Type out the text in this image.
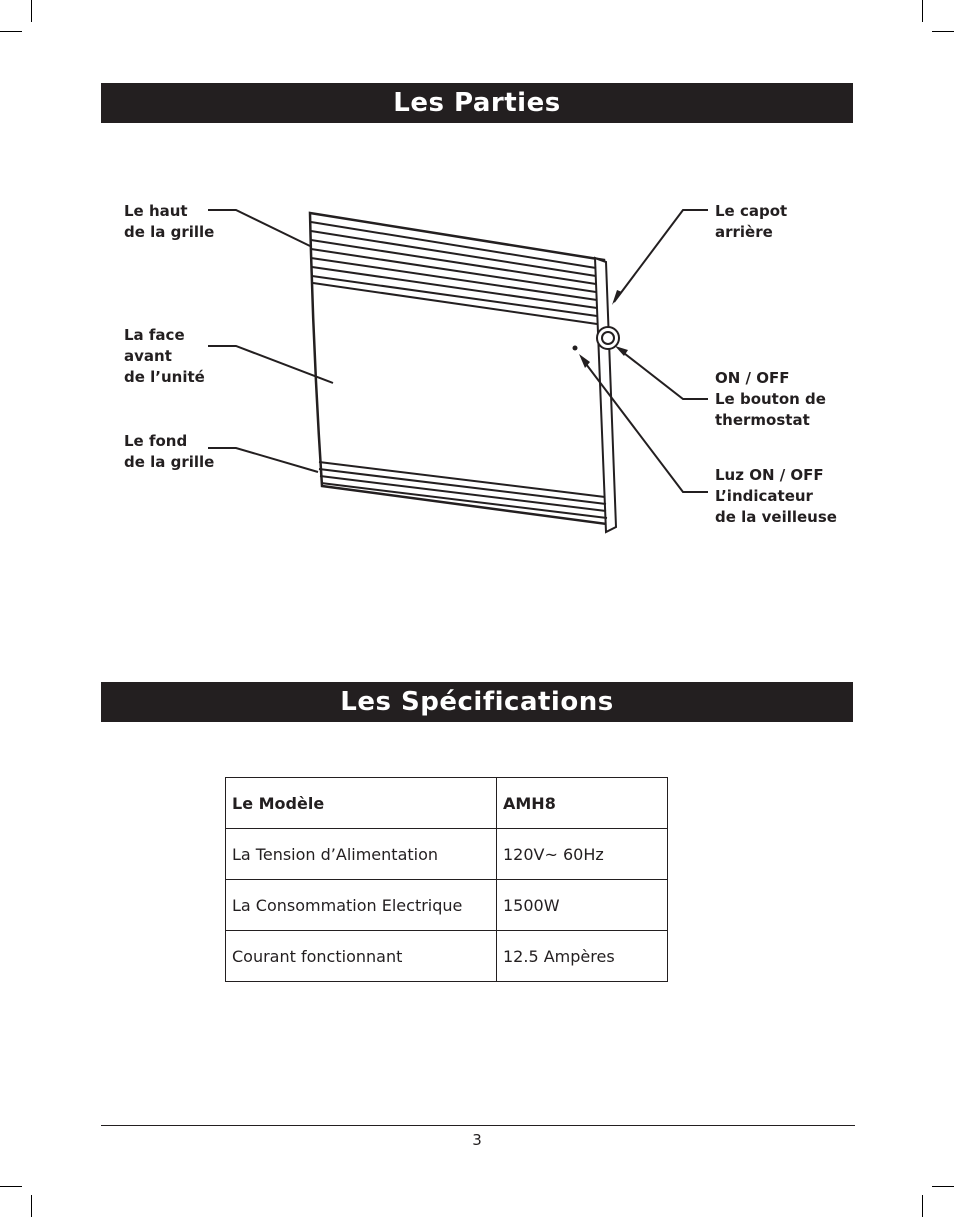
Les Parties
Le haut
de la grille
La face
avant
de l’unité
Le fond
de la grille
Le capot
arrière
ON / OFF
Le bouton de
thermostat
Luz ON / OFF
L’indicateur
de la veilleuse
Les Spécifications
Le Modèle	AMH8
La Tension d’Alimentation	120V~ 60Hz
La Consommation Electrique	1500W
Courant fonctionnant	12.5 Ampères
3
